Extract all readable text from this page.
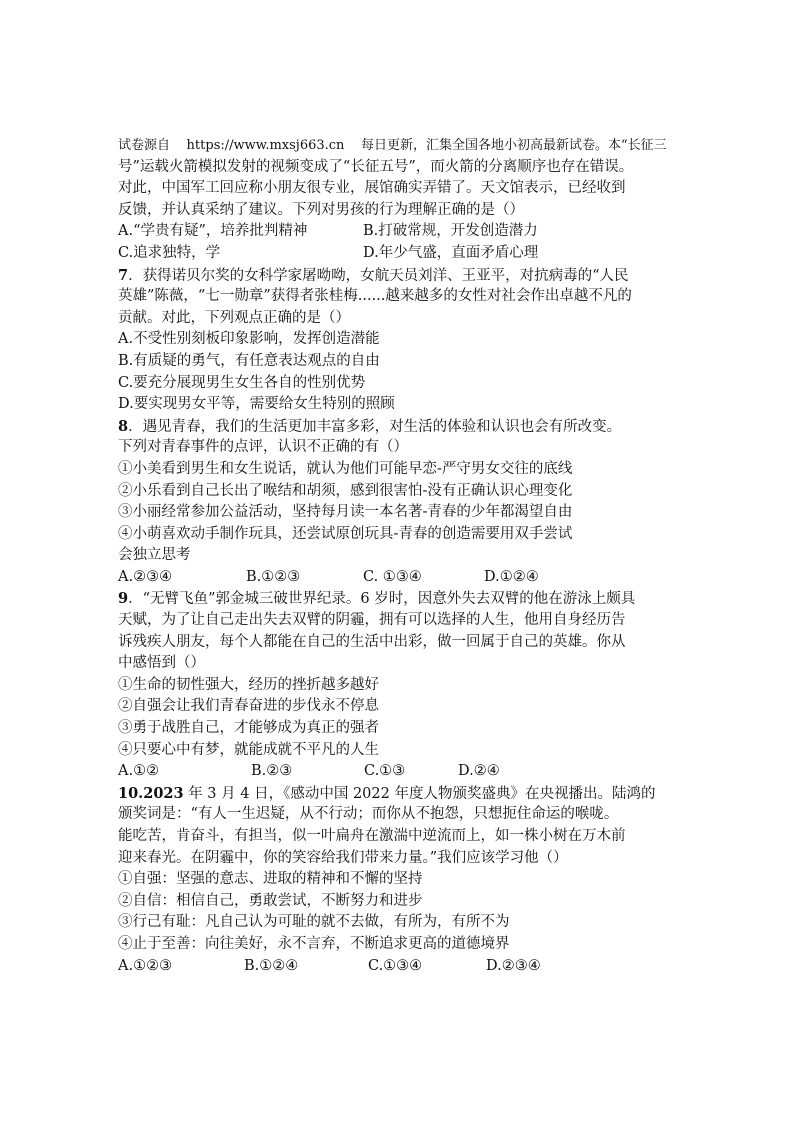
试卷源自 https://www.mxsj663.cn 每日更新，汇集全国各地小初高最新试卷。本“长征三
号”运载火箭模拟发射的视频变成了“长征五号”，而火箭的分离顺序也存在错误。
对此，中国军工回应称小朋友很专业，展馆确实弄错了。天文馆表示，已经收到
反馈，并认真采纳了建议。下列对男孩的行为理解正确的是（）
A.“学贵有疑”，培养批判精神	B.打破常规，开发创造潜力
C.追求独特，学	D.年少气盛，直面矛盾心理
7．获得诺贝尔奖的女科学家屠呦呦，女航天员刘洋、王亚平，对抗病毒的“人民
英雄”陈薇，“七一勋章”获得者张桂梅......越来越多的女性对社会作出卓越不凡的
贡献。对此，下列观点正确的是（）
A.不受性别刻板印象影响，发挥创造潜能
B.有质疑的勇气，有任意表达观点的自由
C.要充分展现男生女生各自的性别优势
D.要实现男女平等，需要给女生特别的照顾
8．遇见青春，我们的生活更加丰富多彩，对生活的体验和认识也会有所改变。
下列对青春事件的点评，认识不正确的有（）
①小美看到男生和女生说话，就认为他们可能早恋-严守男女交往的底线
②小乐看到自己长出了喉结和胡须，感到很害怕-没有正确认识心理变化
③小丽经常参加公益活动，坚持每月读一本名著-青春的少年都渴望自由
④小萌喜欢动手制作玩具，还尝试原创玩具-青春的创造需要用双手尝试
会独立思考
A.②③④	B.①②③	C. ①③④	D.①②④
9．“无臂飞鱼”郭金城三破世界纪录。6 岁时，因意外失去双臂的他在游泳上颇具
天赋，为了让自己走出失去双臂的阴霾，拥有可以选择的人生，他用自身经历告
诉残疾人朋友，每个人都能在自己的生活中出彩，做一回属于自己的英雄。你从
中感悟到（）
①生命的韧性强大，经历的挫折越多越好
②自强会让我们青春奋进的步伐永不停息
③勇于战胜自己，才能够成为真正的强者
④只要心中有梦，就能成就不平凡的人生
A.①②	B.②③	C.①③	D.②④
10.2023 年 3 月 4 日，《感动中国 2022 年度人物颁奖盛典》在央视播出。陆鸿的
颁奖词是：“有人一生迟疑，从不行动；而你从不抱怨，只想扼住命运的喉咙。
能吃苦，肯奋斗，有担当，似一叶扁舟在激湍中逆流而上，如一株小树在万木前
迎来春光。在阴霾中，你的笑容给我们带来力量。”我们应该学习他（）
①自强：坚强的意志、进取的精神和不懈的坚持
②自信：相信自己，勇敢尝试，不断努力和进步
③行己有耻：凡自己认为可耻的就不去做，有所为，有所不为
④止于至善：向往美好，永不言弃，不断追求更高的道德境界
A.①②③	B.①②④	C.①③④	D.②③④
